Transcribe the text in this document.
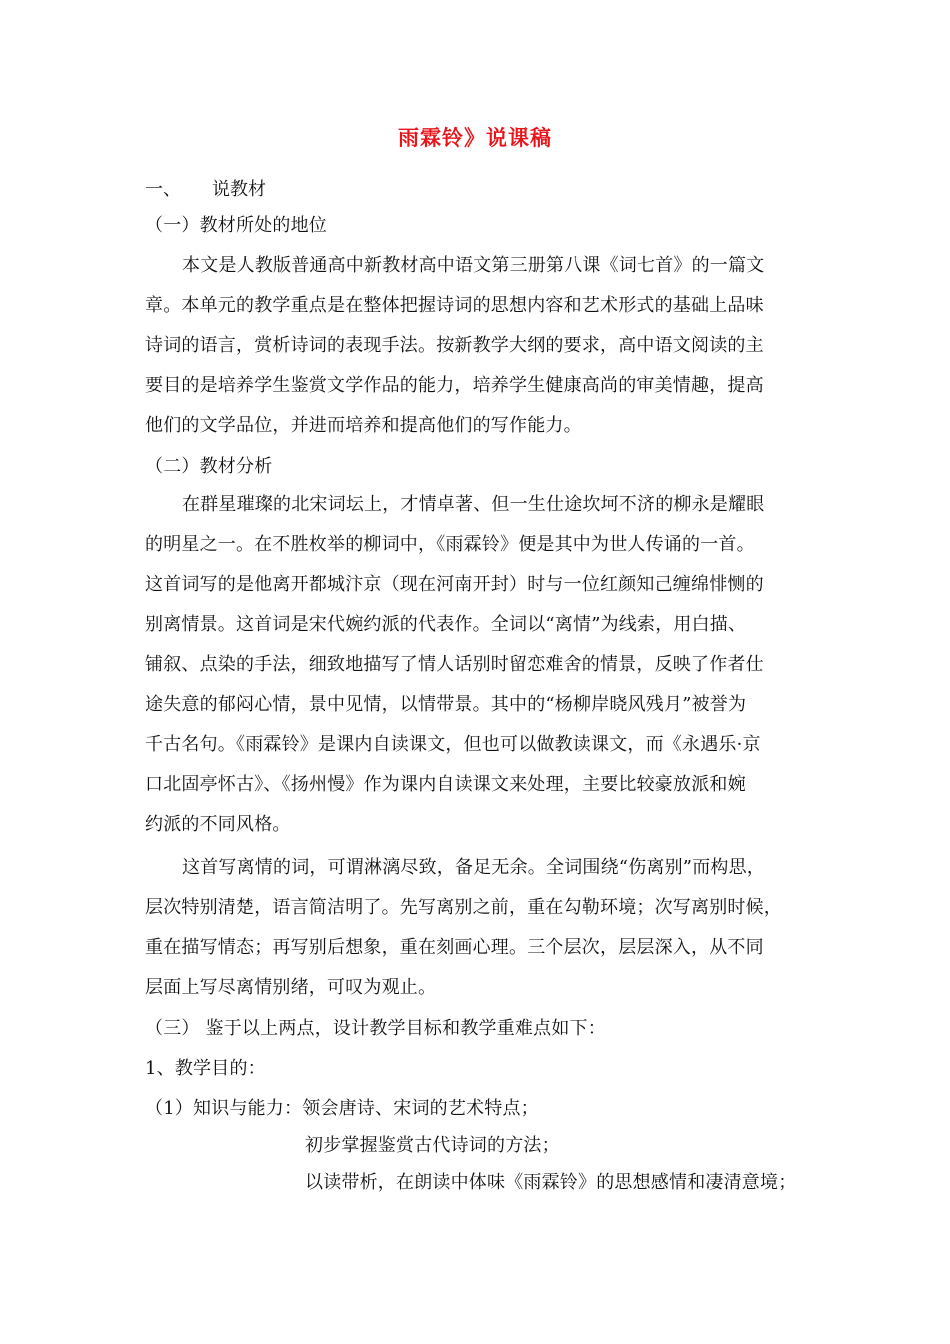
雨霖铃》说课稿
一、 说教材
（一）教材所处的地位
本文是人教版普通高中新教材高中语文第三册第八课《词七首》的一篇文
章。本单元的教学重点是在整体把握诗词的思想内容和艺术形式的基础上品味
诗词的语言，赏析诗词的表现手法。按新教学大纲的要求，高中语文阅读的主
要目的是培养学生鉴赏文学作品的能力，培养学生健康高尚的审美情趣，提高
他们的文学品位，并进而培养和提高他们的写作能力。
（二）教材分析
在群星璀璨的北宋词坛上，才情卓著、但一生仕途坎坷不济的柳永是耀眼
的明星之一。在不胜枚举的柳词中，《雨霖铃》便是其中为世人传诵的一首。
这首词写的是他离开都城汴京（现在河南开封）时与一位红颜知己缠绵悱恻的
别离情景。这首词是宋代婉约派的代表作。全词以“离情”为线索，用白描、
铺叙、点染的手法，细致地描写了情人话别时留恋难舍的情景，反映了作者仕
途失意的郁闷心情，景中见情，以情带景。其中的“杨柳岸晓风残月”被誉为
千古名句。《雨霖铃》是课内自读课文，但也可以做教读课文，而《永遇乐·京
口北固亭怀古》、《扬州慢》作为课内自读课文来处理，主要比较豪放派和婉
约派的不同风格。
这首写离情的词，可谓淋漓尽致，备足无余。全词围绕“伤离别”而构思，
层次特别清楚，语言简洁明了。先写离别之前，重在勾勒环境；次写离别时候，
重在描写情态；再写别后想象，重在刻画心理。三个层次，层层深入，从不同
层面上写尽离情别绪，可叹为观止。
（三） 鉴于以上两点，设计教学目标和教学重难点如下：
1、教学目的：
（1）知识与能力：领会唐诗、宋词的艺术特点；
初步掌握鉴赏古代诗词的方法；
以读带析，在朗读中体味《雨霖铃》的思想感情和凄清意境；
